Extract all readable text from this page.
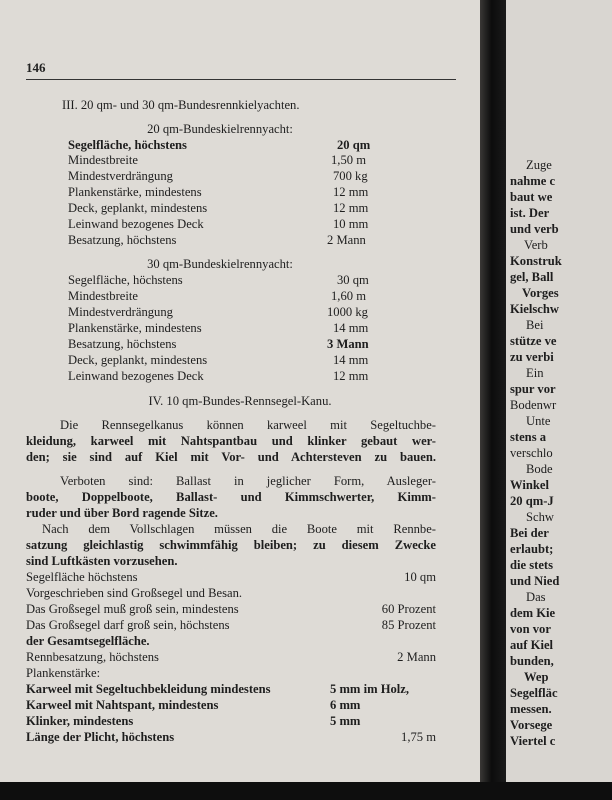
146
III. 20 qm- und 30 qm-Bundesrennkielyachten.
20 qm-Bundeskielrennyacht:
Segelfläche, höchstens	20 qm
Mindestbreite	1,50 m
Mindestverdrängung	700 kg
Plankenstärke, mindestens	12 mm
Deck, geplankt, mindestens	12 mm
Leinwand bezogenes Deck	10 mm
Besatzung, höchstens	2 Mann
30 qm-Bundeskielrennyacht:
Segelfläche, höchstens	30 qm
Mindestbreite	1,60 m
Mindestverdrängung	1000 kg
Plankenstärke, mindestens	14 mm
Besatzung, höchstens	3 Mann
Deck, geplankt, mindestens	14 mm
Leinwand bezogenes Deck	12 mm
IV. 10 qm-Bundes-Rennsegel-Kanu.
Die Rennsegelkanus können karweel mit Segeltuchbe-
kleidung, karweel mit Nahtspantbau und klinker gebaut wer-
den; sie sind auf Kiel mit Vor- und Achtersteven zu bauen.
Verboten sind: Ballast in jeglicher Form, Ausleger-
boote, Doppelboote, Ballast- und Kimmschwerter, Kimm-
ruder und über Bord ragende Sitze.
Nach dem Vollschlagen müssen die Boote mit Rennbe-
satzung gleichlastig schwimmfähig bleiben; zu diesem Zwecke
sind Luftkästen vorzusehen.
Segelfläche höchstens	10 qm
Vorgeschrieben sind Großsegel und Besan.
Das Großsegel muß groß sein, mindestens	60 Prozent
Das Großsegel darf groß sein, höchstens	85 Prozent
der Gesamtsegelfläche.
Rennbesatzung, höchstens	2 Mann
Plankenstärke:
Karweel mit Segeltuchbekleidung mindestens	5 mm im Holz,
Karweel mit Nahtspant, mindestens	6 mm
Klinker, mindestens	5 mm
Länge der Plicht, höchstens	1,75 m
Zuge
nahme c
baut we
ist. Der
und verb
Verb
Konstruk
gel, Ball
Vorges
Kielschw
Bei
stütze ve
zu verbi
Ein
spur vor
Bodenwr
Unte
stens a
verschlo
Bode
Winkel
20 qm-J
Schw
Bei der
erlaubt;
die stets
und Nied
Das
dem Kie
von vor
auf Kiel
bunden,
Wep
Segelfläc
messen.
Vorsege
Viertel c
